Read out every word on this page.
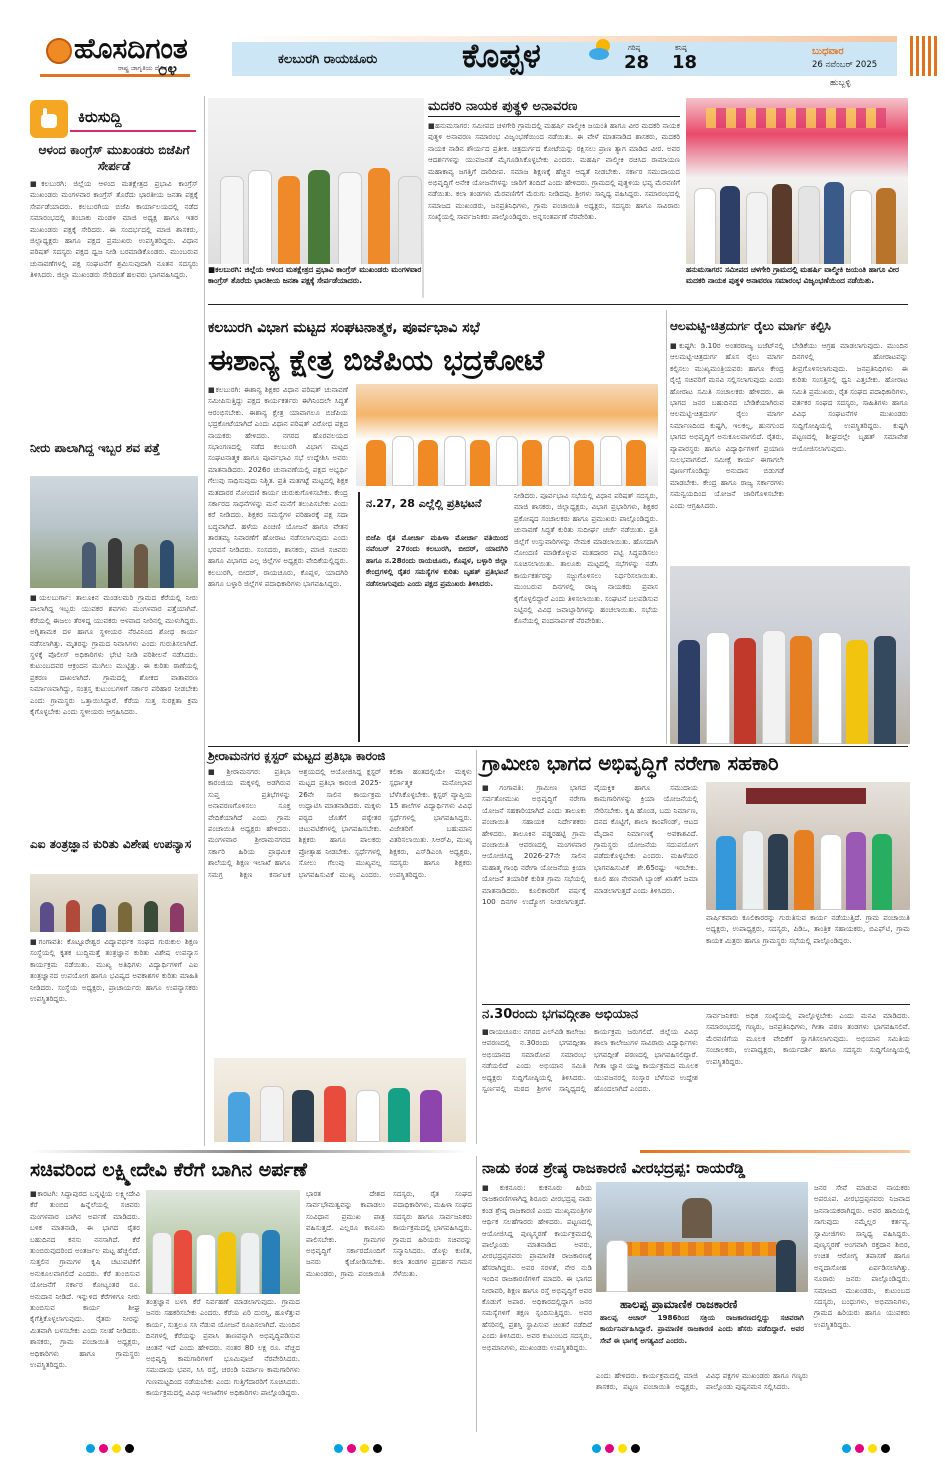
ಹೊಸದಿಗಂತ
ರಾಷ್ಟ್ರ ಜಾಗೃತಿಯ ದೈನಿಕ
೦೪
ಕಲಬುರಗಿ ರಾಯಚೂರು	ಕೊಪ್ಪಳ	ಗರಿಷ್ಠ
28
ಕನಿಷ್ಠ
18
ಬುಧವಾರ
26 ನವೆಂಬರ್ 2025
ಹುಬ್ಬಳ್ಳಿ
ಕಿರುಸುದ್ದಿ
ಆಳಂದ ಕಾಂಗ್ರೆಸ್ ಮುಖಂಡರು ಬಿಜೆಪಿಗೆ ಸೇರ್ಪಡೆ
■ಕಲಬುರಗಿ: ಜಿಲ್ಲೆಯ ಆಳಂದ ಮತಕ್ಷೇತ್ರದ ಪ್ರಭಾವಿ ಕಾಂಗ್ರೆಸ್ ಮುಖಂಡರು ಮಂಗಳವಾರ ಕಾಂಗ್ರೆಸ್ ತೊರೆದು ಭಾರತೀಯ ಜನತಾ ಪಕ್ಷಕ್ಕೆ ಸೇರ್ಪಡೆಯಾದರು. ಕಲಬುರಗಿಯ ಬಿಜೆಪಿ ಕಾರ್ಯಾಲಯದಲ್ಲಿ ನಡೆದ ಸಮಾರಂಭದಲ್ಲಿ ತಂಬಾಕು ಮಂಡಳಿ ಮಾಜಿ ಅಧ್ಯಕ್ಷ ಹಾಗೂ ಇತರ ಮುಖಂಡರು ಪಕ್ಷಕ್ಕೆ ಸೇರಿದರು. ಈ ಸಂದರ್ಭದಲ್ಲಿ ಮಾಜಿ ಶಾಸಕರು, ಜಿಲ್ಲಾಧ್ಯಕ್ಷರು ಹಾಗೂ ಪಕ್ಷದ ಪ್ರಮುಖರು ಉಪಸ್ಥಿತರಿದ್ದರು. ವಿಧಾನ ಪರಿಷತ್ ಸದಸ್ಯರು ಪಕ್ಷದ ಧ್ವಜ ನೀಡಿ ಬರಮಾಡಿಕೊಂಡರು. ಮುಂಬರುವ ಚುನಾವಣೆಗಳಲ್ಲಿ ಪಕ್ಷ ಸಂಘಟನೆಗೆ ಶ್ರಮಿಸುವುದಾಗಿ ನೂತನ ಸದಸ್ಯರು ತಿಳಿಸಿದರು. ಜಿಲ್ಲಾ ಮುಖಂಡರು ಸೇರಿದಂತೆ ಹಲವರು ಭಾಗವಹಿಸಿದ್ದರು.
ನೀರು ಪಾಲಾಗಿದ್ದ ಇಬ್ಬರ ಶವ ಪತ್ತೆ
■ಯಲಬುರ್ಗಾ: ತಾಲೂಕಿನ ಮಂಡಲಮರಿ ಗ್ರಾಮದ ಕೆರೆಯಲ್ಲಿ ನೀರು ಪಾಲಾಗಿದ್ದ ಇಬ್ಬರು ಯುವಕರ ಶವಗಳು ಮಂಗಳವಾರ ಪತ್ತೆಯಾಗಿವೆ. ಕೆರೆಯಲ್ಲಿ ಈಜಲು ತೆರಳಿದ್ದ ಯುವಕರು ಆಳವಾದ ನೀರಿನಲ್ಲಿ ಮುಳುಗಿದ್ದರು. ಅಗ್ನಿಶಾಮಕ ದಳ ಹಾಗೂ ಸ್ಥಳೀಯರ ನೆರವಿನಿಂದ ಶೋಧ ಕಾರ್ಯ ನಡೆಸಲಾಗಿತ್ತು. ಮೃತರನ್ನು ಗ್ರಾಮದ ನಿವಾಸಿಗಳು ಎಂದು ಗುರುತಿಸಲಾಗಿದೆ. ಸ್ಥಳಕ್ಕೆ ಪೊಲೀಸ್ ಅಧಿಕಾರಿಗಳು ಭೇಟಿ ನೀಡಿ ಪರಿಶೀಲನೆ ನಡೆಸಿದರು. ಕುಟುಂಬದವರ ಆಕ್ರಂದನ ಮುಗಿಲು ಮುಟ್ಟಿತ್ತು. ಈ ಕುರಿತು ಠಾಣೆಯಲ್ಲಿ ಪ್ರಕರಣ ದಾಖಲಾಗಿದೆ. ಗ್ರಾಮದಲ್ಲಿ ಶೋಕದ ವಾತಾವರಣ ನಿರ್ಮಾಣವಾಗಿದ್ದು, ಸಂತ್ರಸ್ತ ಕುಟುಂಬಗಳಿಗೆ ಸರ್ಕಾರ ಪರಿಹಾರ ನೀಡಬೇಕು ಎಂದು ಗ್ರಾಮಸ್ಥರು ಒತ್ತಾಯಿಸಿದ್ದಾರೆ. ಕೆರೆಯ ಸುತ್ತ ಸುರಕ್ಷತಾ ಕ್ರಮ ಕೈಗೊಳ್ಳಬೇಕು ಎಂದು ಸ್ಥಳೀಯರು ಆಗ್ರಹಿಸಿದರು.
ಎಐ ತಂತ್ರಜ್ಞಾನ ಕುರಿತು ವಿಶೇಷ ಉಪನ್ಯಾಸ
■ಗಂಗಾವತಿ: ಕೊಟ್ಟೂರೇಶ್ವರ ವಿದ್ಯಾವರ್ಧಕ ಸಂಘದ ಗುರುಕುಲ ಶಿಕ್ಷಣ ಸಂಸ್ಥೆಯಲ್ಲಿ ಕೃತಕ ಬುದ್ಧಿಮತ್ತೆ ತಂತ್ರಜ್ಞಾನ ಕುರಿತು ವಿಶೇಷ ಉಪನ್ಯಾಸ ಕಾರ್ಯಕ್ರಮ ನಡೆಯಿತು. ಮುಖ್ಯ ಅತಿಥಿಗಳು ವಿದ್ಯಾರ್ಥಿಗಳಿಗೆ ಎಐ ತಂತ್ರಜ್ಞಾನದ ಉಪಯೋಗ ಹಾಗೂ ಭವಿಷ್ಯದ ಅವಕಾಶಗಳ ಕುರಿತು ಮಾಹಿತಿ ನೀಡಿದರು. ಸಂಸ್ಥೆಯ ಅಧ್ಯಕ್ಷರು, ಪ್ರಾಚಾರ್ಯರು ಹಾಗೂ ಉಪನ್ಯಾಸಕರು ಉಪಸ್ಥಿತರಿದ್ದರು.
■ಕಲಬುರಗಿ: ಜಿಲ್ಲೆಯ ಆಳಂದ ಮತಕ್ಷೇತ್ರದ ಪ್ರಭಾವಿ ಕಾಂಗ್ರೆಸ್ ಮುಖಂಡರು ಮಂಗಳವಾರ ಕಾಂಗ್ರೆಸ್ ತೊರೆದು ಭಾರತೀಯ ಜನತಾ ಪಕ್ಷಕ್ಕೆ ಸೇರ್ಪಡೆಯಾದರು.
ಮದಕರಿ ನಾಯಕ ಪುತ್ಥಳಿ ಅನಾವರಣ
■ಹನುಮಸಾಗರ: ಸಮೀಪದ ಚಳಗೇರಿ ಗ್ರಾಮದಲ್ಲಿ ಮಹರ್ಷಿ ವಾಲ್ಮೀಕಿ ಜಯಂತಿ ಹಾಗೂ ವೀರ ಮದಕರಿ ನಾಯಕ ಪುತ್ಥಳಿ ಅನಾವರಣ ಸಮಾರಂಭ ವಿಜೃಂಭಣೆಯಿಂದ ನಡೆಯಿತು. ಈ ವೇಳೆ ಮಾತನಾಡಿದ ಶಾಸಕರು, ಮದಕರಿ ನಾಯಕ ನಾಡಿನ ಶೌರ್ಯದ ಪ್ರತೀಕ. ಚಿತ್ರದುರ್ಗದ ಕೋಟೆಯನ್ನು ರಕ್ಷಿಸಲು ಪ್ರಾಣ ತ್ಯಾಗ ಮಾಡಿದ ವೀರ. ಅವರ ಆದರ್ಶಗಳನ್ನು ಯುವಜನತೆ ಮೈಗೂಡಿಸಿಕೊಳ್ಳಬೇಕು ಎಂದರು. ಮಹರ್ಷಿ ವಾಲ್ಮೀಕಿ ರಚಿಸಿದ ರಾಮಾಯಣ ಮಹಾಕಾವ್ಯ ಜಗತ್ತಿಗೆ ದಾರಿದೀಪ. ಸಮಾಜ ಶಿಕ್ಷಣಕ್ಕೆ ಹೆಚ್ಚಿನ ಆದ್ಯತೆ ನೀಡಬೇಕು. ಸರ್ಕಾರ ಸಮುದಾಯದ ಅಭಿವೃದ್ಧಿಗೆ ಅನೇಕ ಯೋಜನೆಗಳನ್ನು ಜಾರಿಗೆ ತಂದಿದೆ ಎಂದು ಹೇಳಿದರು. ಗ್ರಾಮದಲ್ಲಿ ಪುತ್ಥಳಿಯ ಭವ್ಯ ಮೆರವಣಿಗೆ ನಡೆಯಿತು. ಕಲಾ ತಂಡಗಳು ಮೆರವಣಿಗೆಗೆ ಮೆರುಗು ನೀಡಿದವು. ಶ್ರೀಗಳು ಸಾನ್ನಿಧ್ಯ ವಹಿಸಿದ್ದರು. ಸಮಾರಂಭದಲ್ಲಿ ಸಮಾಜದ ಮುಖಂಡರು, ಜನಪ್ರತಿನಿಧಿಗಳು, ಗ್ರಾಮ ಪಂಚಾಯಿತಿ ಅಧ್ಯಕ್ಷರು, ಸದಸ್ಯರು ಹಾಗೂ ಸಾವಿರಾರು ಸಂಖ್ಯೆಯಲ್ಲಿ ಸಾರ್ವಜನಿಕರು ಪಾಲ್ಗೊಂಡಿದ್ದರು. ಅನ್ನಸಂತರ್ಪಣೆ ನೆರವೇರಿತು.
ಹನುಮಸಾಗರ: ಸಮೀಪದ ಚಳಗೇರಿ ಗ್ರಾಮದಲ್ಲಿ ಮಹರ್ಷಿ ವಾಲ್ಮೀಕಿ ಜಯಂತಿ ಹಾಗೂ ವೀರ ಮದಕರಿ ನಾಯಕ ಪುತ್ಥಳಿ ಅನಾವರಣ ಸಮಾರಂಭ ವಿಜೃಂಭಣೆಯಿಂದ ನಡೆಯಿತು.
ಕಲಬುರಗಿ ವಿಭಾಗ ಮಟ್ಟದ ಸಂಘಟನಾತ್ಮಕ, ಪೂರ್ವಭಾವಿ ಸಭೆ
ಈಶಾನ್ಯ ಕ್ಷೇತ್ರ ಬಿಜೆಪಿಯ ಭದ್ರಕೋಟೆ
■ಕಲಬುರಗಿ: ಈಶಾನ್ಯ ಶಿಕ್ಷಕರ ವಿಧಾನ ಪರಿಷತ್ ಚುನಾವಣೆ ಸಮೀಪಿಸುತ್ತಿದ್ದು ಪಕ್ಷದ ಕಾರ್ಯಕರ್ತರು ಈಗಿನಿಂದಲೇ ಸಿದ್ಧತೆ ಆರಂಭಿಸಬೇಕು. ಈಶಾನ್ಯ ಕ್ಷೇತ್ರ ಯಾವಾಗಲೂ ಬಿಜೆಪಿಯ ಭದ್ರಕೋಟೆಯಾಗಿದೆ ಎಂದು ವಿಧಾನ ಪರಿಷತ್ ವಿರೋಧ ಪಕ್ಷದ ನಾಯಕರು ಹೇಳಿದರು. ನಗರದ ಹೊರವಲಯದ ಸಭಾಂಗಣದಲ್ಲಿ ನಡೆದ ಕಲಬುರಗಿ ವಿಭಾಗ ಮಟ್ಟದ ಸಂಘಟನಾತ್ಮಕ ಹಾಗೂ ಪೂರ್ವಭಾವಿ ಸಭೆ ಉದ್ದೇಶಿಸಿ ಅವರು ಮಾತನಾಡಿದರು. 2026ರ ಚುನಾವಣೆಯಲ್ಲಿ ಪಕ್ಷದ ಅಭ್ಯರ್ಥಿ ಗೆಲುವು ಸಾಧಿಸುವುದು ನಿಶ್ಚಿತ. ಪ್ರತಿ ಮತಗಟ್ಟೆ ಮಟ್ಟದಲ್ಲಿ ಶಿಕ್ಷಕ ಮತದಾರರ ನೋಂದಣಿ ಕಾರ್ಯ ಚುರುಕುಗೊಳಿಸಬೇಕು. ಕೇಂದ್ರ ಸರ್ಕಾರದ ಸಾಧನೆಗಳನ್ನು ಮನೆ ಮನೆಗೆ ತಲುಪಿಸಬೇಕು ಎಂದು ಕರೆ ನೀಡಿದರು. ಶಿಕ್ಷಕರ ಸಮಸ್ಯೆಗಳ ಪರಿಹಾರಕ್ಕೆ ಪಕ್ಷ ಸದಾ ಬದ್ಧವಾಗಿದೆ. ಹಳೆಯ ಪಿಂಚಣಿ ಯೋಜನೆ ಹಾಗೂ ವೇತನ ತಾರತಮ್ಯ ನಿವಾರಣೆಗೆ ಹೋರಾಟ ನಡೆಸಲಾಗುವುದು ಎಂದು ಭರವಸೆ ನೀಡಿದರು. ಸಂಸದರು, ಶಾಸಕರು, ಮಾಜಿ ಸಚಿವರು ಹಾಗೂ ವಿಭಾಗದ ಎಲ್ಲ ಜಿಲ್ಲೆಗಳ ಅಧ್ಯಕ್ಷರು ವೇದಿಕೆಯಲ್ಲಿದ್ದರು. ಕಲಬುರಗಿ, ಬೀದರ್, ರಾಯಚೂರು, ಕೊಪ್ಪಳ, ಯಾದಗಿರಿ ಹಾಗೂ ಬಳ್ಳಾರಿ ಜಿಲ್ಲೆಗಳ ಪದಾಧಿಕಾರಿಗಳು ಭಾಗವಹಿಸಿದ್ದರು.
ನ.27, 28 ಎಲ್ಲೆಲ್ಲಿ ಪ್ರತಿಭಟನೆ
ಬಿಜೆಪಿ ರೈತ ಮೋರ್ಚಾ ಮಹಿಳಾ ಮೋರ್ಚಾ ವತಿಯಿಂದ ನವೆಂಬರ್ 27ರಂದು ಕಲಬುರಗಿ, ಬೀದರ್, ಯಾದಗಿರಿ ಹಾಗೂ ನ.28ರಂದು ರಾಯಚೂರು, ಕೊಪ್ಪಳ, ಬಳ್ಳಾರಿ ಜಿಲ್ಲಾ ಕೇಂದ್ರಗಳಲ್ಲಿ ರೈತರ ಸಮಸ್ಯೆಗಳ ಕುರಿತು ಬೃಹತ್ ಪ್ರತಿಭಟನೆ ನಡೆಸಲಾಗುವುದು ಎಂದು ಪಕ್ಷದ ಪ್ರಮುಖರು ತಿಳಿಸಿದರು.
ನೀಡಿದರು. ಪೂರ್ವಭಾವಿ ಸಭೆಯಲ್ಲಿ ವಿಧಾನ ಪರಿಷತ್ ಸದಸ್ಯರು, ಮಾಜಿ ಶಾಸಕರು, ಜಿಲ್ಲಾಧ್ಯಕ್ಷರು, ವಿಭಾಗ ಪ್ರಭಾರಿಗಳು, ಶಿಕ್ಷಕರ ಪ್ರಕೋಷ್ಠದ ಸಂಚಾಲಕರು ಹಾಗೂ ಪ್ರಮುಖರು ಪಾಲ್ಗೊಂಡಿದ್ದರು. ಚುನಾವಣೆ ಸಿದ್ಧತೆ ಕುರಿತು ಸುದೀರ್ಘ ಚರ್ಚೆ ನಡೆಯಿತು. ಪ್ರತಿ ಜಿಲ್ಲೆಗೆ ಉಸ್ತುವಾರಿಗಳನ್ನು ನೇಮಕ ಮಾಡಲಾಯಿತು. ಹೊಸದಾಗಿ ನೋಂದಣಿ ಮಾಡಿಕೊಳ್ಳುವ ಮತದಾರರ ಪಟ್ಟಿ ಸಿದ್ಧಪಡಿಸಲು ಸೂಚಿಸಲಾಯಿತು. ತಾಲೂಕು ಮಟ್ಟದಲ್ಲಿ ಸಭೆಗಳನ್ನು ನಡೆಸಿ ಕಾರ್ಯಕರ್ತರನ್ನು ಸಜ್ಜುಗೊಳಿಸಲು ನಿರ್ಧರಿಸಲಾಯಿತು. ಮುಂಬರುವ ದಿನಗಳಲ್ಲಿ ರಾಜ್ಯ ನಾಯಕರು ಪ್ರವಾಸ ಕೈಗೊಳ್ಳಲಿದ್ದಾರೆ ಎಂದು ತಿಳಿಸಲಾಯಿತು. ಸಂಘಟನೆ ಬಲಪಡಿಸುವ ನಿಟ್ಟಿನಲ್ಲಿ ವಿವಿಧ ಜವಾಬ್ದಾರಿಗಳನ್ನು ಹಂಚಲಾಯಿತು. ಸಭೆಯ ಕೊನೆಯಲ್ಲಿ ವಂದನಾರ್ಪಣೆ ನೆರವೇರಿತು.
ಆಲಮಟ್ಟಿ-ಚಿತ್ರದುರ್ಗ ರೈಲು ಮಾರ್ಗ ಕಲ್ಪಿಸಿ
■ಕುಷ್ಟಗಿ: ಡಿ.10ರ ಅಂತರರಾಜ್ಯ ಬಜೆಟ್‌ನಲ್ಲಿ ಆಲಮಟ್ಟಿ-ಚಿತ್ರದುರ್ಗ ಹೊಸ ರೈಲು ಮಾರ್ಗ ಕಲ್ಪಿಸಲು ಮುಖ್ಯಮಂತ್ರಿಯವರು ಹಾಗೂ ಕೇಂದ್ರ ರೈಲ್ವೆ ಸಚಿವರಿಗೆ ಮನವಿ ಸಲ್ಲಿಸಲಾಗುವುದು ಎಂದು ಹೋರಾಟ ಸಮಿತಿ ಸಂಚಾಲಕರು ಹೇಳಿದರು. ಈ ಭಾಗದ ಜನರ ಬಹುದಿನದ ಬೇಡಿಕೆಯಾಗಿರುವ ಆಲಮಟ್ಟಿ-ಚಿತ್ರದುರ್ಗ ರೈಲು ಮಾರ್ಗ ನಿರ್ಮಾಣದಿಂದ ಕುಷ್ಟಗಿ, ಇಲಕಲ್ಲ, ಹುನಗುಂದ ಭಾಗದ ಅಭಿವೃದ್ಧಿಗೆ ಅನುಕೂಲವಾಗಲಿದೆ. ರೈತರು, ವ್ಯಾಪಾರಸ್ಥರು ಹಾಗೂ ವಿದ್ಯಾರ್ಥಿಗಳಿಗೆ ಪ್ರಯಾಣ ಸುಲಭವಾಗಲಿದೆ. ಸಮೀಕ್ಷೆ ಕಾರ್ಯ ಈಗಾಗಲೇ ಪೂರ್ಣಗೊಂಡಿದ್ದು ಅನುದಾನ ಬಿಡುಗಡೆ ಮಾಡಬೇಕು. ಕೇಂದ್ರ ಹಾಗೂ ರಾಜ್ಯ ಸರ್ಕಾರಗಳು ಸಮನ್ವಯದಿಂದ ಯೋಜನೆ ಜಾರಿಗೊಳಿಸಬೇಕು ಎಂದು ಆಗ್ರಹಿಸಿದರು.
ಬೇಡಿಕೆಯು ಆಗ್ರಹ ಮಾಡಲಾಗುವುದು. ಮುಂದಿನ ದಿನಗಳಲ್ಲಿ ಹೋರಾಟವನ್ನು ತೀವ್ರಗೊಳಿಸಲಾಗುವುದು. ಜನಪ್ರತಿನಿಧಿಗಳು ಈ ಕುರಿತು ಸಂಸತ್ತಿನಲ್ಲಿ ಧ್ವನಿ ಎತ್ತಬೇಕು. ಹೋರಾಟ ಸಮಿತಿ ಪ್ರಮುಖರು, ರೈತ ಸಂಘದ ಪದಾಧಿಕಾರಿಗಳು, ವರ್ತಕರ ಸಂಘದ ಸದಸ್ಯರು, ಸಾಹಿತಿಗಳು ಹಾಗೂ ವಿವಿಧ ಸಂಘಟನೆಗಳ ಮುಖಂಡರು ಸುದ್ದಿಗೋಷ್ಠಿಯಲ್ಲಿ ಉಪಸ್ಥಿತರಿದ್ದರು. ಕುಷ್ಟಗಿ ಪಟ್ಟಣದಲ್ಲಿ ಶೀಘ್ರದಲ್ಲೇ ಬೃಹತ್ ಸಮಾವೇಶ ಆಯೋಜಿಸಲಾಗುವುದು.
ಶ್ರೀರಾಮನಗರ ಕ್ಲಸ್ಟರ್ ಮಟ್ಟದ ಪ್ರತಿಭಾ ಕಾರಂಜಿ
■ಶ್ರೀರಾಮನಗರ: ಪ್ರತಿಭಾ ಕಾರಂಜಿಯ ಮಕ್ಕಳಲ್ಲಿ ಅಡಗಿರುವ ಸುಪ್ತ ಪ್ರತಿಭೆಗಳನ್ನು ಅನಾವರಣಗೊಳಿಸಲು ಸೂಕ್ತ ವೇದಿಕೆಯಾಗಿದೆ ಎಂದು ಗ್ರಾಮ ಪಂಚಾಯಿತಿ ಅಧ್ಯಕ್ಷರು ಹೇಳಿದರು. ಮಂಗಳವಾರ ಶ್ರೀರಾಮನಗರದ ಸರ್ಕಾರಿ ಹಿರಿಯ ಪ್ರಾಥಮಿಕ ಶಾಲೆಯಲ್ಲಿ ಶಿಕ್ಷಣ ಇಲಾಖೆ ಹಾಗೂ ಸಮಗ್ರ ಶಿಕ್ಷಣ ಕರ್ನಾಟಕ ಆಶ್ರಯದಲ್ಲಿ ಆಯೋಜಿಸಿದ್ದ ಕ್ಲಸ್ಟರ್ ಮಟ್ಟದ ಪ್ರತಿಭಾ ಕಾರಂಜಿ 2025-26ನೇ ಸಾಲಿನ ಕಾರ್ಯಕ್ರಮ ಉದ್ಘಾಟಿಸಿ ಮಾತನಾಡಿದರು. ಮಕ್ಕಳು ಪಠ್ಯದ ಜೊತೆಗೆ ಪಠ್ಯೇತರ ಚಟುವಟಿಕೆಗಳಲ್ಲಿ ಭಾಗವಹಿಸಬೇಕು. ಶಿಕ್ಷಕರು ಹಾಗೂ ಪಾಲಕರು ಪ್ರೋತ್ಸಾಹ ನೀಡಬೇಕು. ಸ್ಪರ್ಧೆಗಳಲ್ಲಿ ಸೋಲು ಗೆಲುವು ಮುಖ್ಯವಲ್ಲ ಭಾಗವಹಿಸುವಿಕೆ ಮುಖ್ಯ ಎಂದರು. ಕಲಿಕಾ ಹಂತದಲ್ಲಿಯೇ ಮಕ್ಕಳು ಸ್ಪರ್ಧಾತ್ಮಕ ಮನೋಭಾವ ಬೆಳೆಸಿಕೊಳ್ಳಬೇಕು. ಕ್ಲಸ್ಟರ್ ವ್ಯಾಪ್ತಿಯ 15 ಶಾಲೆಗಳ ವಿದ್ಯಾರ್ಥಿಗಳು ವಿವಿಧ ಸ್ಪರ್ಧೆಗಳಲ್ಲಿ ಭಾಗವಹಿಸಿದ್ದರು. ವಿಜೇತರಿಗೆ ಬಹುಮಾನ ವಿತರಿಸಲಾಯಿತು. ಸಿಆರ್‌ಪಿ, ಮುಖ್ಯ ಶಿಕ್ಷಕರು, ಎಸ್‌ಡಿಎಂಸಿ ಅಧ್ಯಕ್ಷರು, ಸದಸ್ಯರು ಹಾಗೂ ಶಿಕ್ಷಕರು ಉಪಸ್ಥಿತರಿದ್ದರು.
ಗ್ರಾಮೀಣ ಭಾಗದ ಅಭಿವೃದ್ಧಿಗೆ ನರೇಗಾ ಸಹಕಾರಿ
■ಗಂಗಾವತಿ: ಗ್ರಾಮೀಣ ಭಾಗದ ಸರ್ವತೋಮುಖ ಅಭಿವೃದ್ಧಿಗೆ ನರೇಗಾ ಯೋಜನೆ ಸಹಕಾರಿಯಾಗಿದೆ ಎಂದು ತಾಲೂಕು ಪಂಚಾಯಿತಿ ಸಹಾಯಕ ನಿರ್ದೇಶಕರು ಹೇಳಿದರು. ತಾಲೂಕಿನ ವಡ್ಡರಹಟ್ಟಿ ಗ್ರಾಮ ಪಂಚಾಯಿತಿ ಆವರಣದಲ್ಲಿ ಮಂಗಳವಾರ ಆಯೋಜಿಸಿದ್ದ 2026-27ನೇ ಸಾಲಿನ ಮಹಾತ್ಮ ಗಾಂಧಿ ನರೇಗಾ ಯೋಜನೆಯ ಕ್ರಿಯಾ ಯೋಜನೆ ತಯಾರಿಕೆ ಕುರಿತ ಗ್ರಾಮ ಸಭೆಯಲ್ಲಿ ಮಾತನಾಡಿದರು. ಕೂಲಿಕಾರರಿಗೆ ವರ್ಷಕ್ಕೆ 100 ದಿನಗಳ ಉದ್ಯೋಗ ನೀಡಲಾಗುತ್ತದೆ. ವೈಯಕ್ತಿಕ ಹಾಗೂ ಸಮುದಾಯ ಕಾಮಗಾರಿಗಳನ್ನು ಕ್ರಿಯಾ ಯೋಜನೆಯಲ್ಲಿ ಸೇರಿಸಬೇಕು. ಕೃಷಿ ಹೊಂಡ, ಬದು ನಿರ್ಮಾಣ, ದನದ ಕೊಟ್ಟಿಗೆ, ಶಾಲಾ ಕಾಂಪೌಂಡ್, ಆಟದ ಮೈದಾನ ನಿರ್ಮಾಣಕ್ಕೆ ಅವಕಾಶವಿದೆ. ಗ್ರಾಮಸ್ಥರು ಯೋಜನೆಯ ಸದುಪಯೋಗ ಪಡೆದುಕೊಳ್ಳಬೇಕು ಎಂದರು. ಮಹಿಳೆಯರ ಭಾಗವಹಿಸುವಿಕೆ ಶೇ.65ರಷ್ಟು ಇರಬೇಕು. ಕೂಲಿ ಹಣ ನೇರವಾಗಿ ಬ್ಯಾಂಕ್ ಖಾತೆಗೆ ಜಮಾ ಮಾಡಲಾಗುತ್ತದೆ ಎಂದು ತಿಳಿಸಿದರು.
ವಾರ್ಷಿಕವಾರು ಕೂಲಿಕಾರರನ್ನು ಗುರುತಿಸುವ ಕಾರ್ಯ ನಡೆಯುತ್ತಿದೆ. ಗ್ರಾಮ ಪಂಚಾಯಿತಿ ಅಧ್ಯಕ್ಷರು, ಉಪಾಧ್ಯಕ್ಷರು, ಸದಸ್ಯರು, ಪಿಡಿಒ, ತಾಂತ್ರಿಕ ಸಹಾಯಕರು, ಬಿಎಫ್‌ಟಿ, ಗ್ರಾಮ ಕಾಯಕ ಮಿತ್ರರು ಹಾಗೂ ಗ್ರಾಮಸ್ಥರು ಸಭೆಯಲ್ಲಿ ಪಾಲ್ಗೊಂಡಿದ್ದರು.
ನ.30ರಂದು ಭಗವದ್ಗೀತಾ ಅಭಿಯಾನ
■ರಾಯಚೂರು: ನಗರದ ಎಲ್‌ವಿಡಿ ಕಾಲೇಜು ಆವರಣದಲ್ಲಿ ನ.30ರಂದು ಭಗವದ್ಗೀತಾ ಅಭಿಯಾನದ ಸಮಾರೋಪ ಸಮಾರಂಭ ನಡೆಯಲಿದೆ ಎಂದು ಅಭಿಯಾನ ಸಮಿತಿ ಅಧ್ಯಕ್ಷರು ಸುದ್ದಿಗೋಷ್ಠಿಯಲ್ಲಿ ತಿಳಿಸಿದರು. ಸ್ವರ್ಣವಲ್ಲಿ ಮಠದ ಶ್ರೀಗಳ ಸಾನ್ನಿಧ್ಯದಲ್ಲಿ ಕಾರ್ಯಕ್ರಮ ಜರುಗಲಿದೆ. ಜಿಲ್ಲೆಯ ವಿವಿಧ ಶಾಲಾ ಕಾಲೇಜುಗಳ ಸಾವಿರಾರು ವಿದ್ಯಾರ್ಥಿಗಳು ಭಗವದ್ಗೀತೆ ಪಠಣದಲ್ಲಿ ಭಾಗವಹಿಸಲಿದ್ದಾರೆ. ಗೀತಾ ಜ್ಞಾನ ಯಜ್ಞ ಕಾರ್ಯಕ್ರಮದ ಮೂಲಕ ಯುವಜನರಲ್ಲಿ ಸಂಸ್ಕಾರ ಬೆಳೆಸುವ ಉದ್ದೇಶ ಹೊಂದಲಾಗಿದೆ ಎಂದರು.
ಸಾರ್ವಜನಿಕರು ಅಧಿಕ ಸಂಖ್ಯೆಯಲ್ಲಿ ಪಾಲ್ಗೊಳ್ಳಬೇಕು ಎಂದು ಮನವಿ ಮಾಡಿದರು. ಸಮಾರಂಭದಲ್ಲಿ ಗಣ್ಯರು, ಜನಪ್ರತಿನಿಧಿಗಳು, ಗೀತಾ ಪಠಣ ತಂಡಗಳು ಭಾಗವಹಿಸಲಿವೆ. ಮೆರವಣಿಗೆಯ ಮೂಲಕ ವೇದಿಕೆಗೆ ಸ್ವಾಗತಿಸಲಾಗುವುದು. ಅಭಿಯಾನ ಸಮಿತಿಯ ಸಂಚಾಲಕರು, ಉಪಾಧ್ಯಕ್ಷರು, ಕಾರ್ಯದರ್ಶಿ ಹಾಗೂ ಸದಸ್ಯರು ಸುದ್ದಿಗೋಷ್ಠಿಯಲ್ಲಿ ಉಪಸ್ಥಿತರಿದ್ದರು.
ಸಚಿವರಿಂದ ಲಕ್ಷ್ಮೀದೇವಿ ಕೆರೆಗೆ ಬಾಗಿನ ಅರ್ಪಣೆ
■ಕಾರಟಗಿ: ಸಿದ್ದಾಪುರದ ಬನ್ನಟ್ಟಿಯ ಲಕ್ಷ್ಮೀದೇವಿ ಕೆರೆ ತುಂಬಿದ ಹಿನ್ನೆಲೆಯಲ್ಲಿ ಸಚಿವರು ಮಂಗಳವಾರ ಬಾಗಿನ ಅರ್ಪಣೆ ಮಾಡಿದರು. ಬಳಿಕ ಮಾತನಾಡಿ, ಈ ಭಾಗದ ರೈತರ ಬಹುದಿನದ ಕನಸು ನನಸಾಗಿದೆ. ಕೆರೆ ತುಂಬಿರುವುದರಿಂದ ಅಂತರ್ಜಲ ಮಟ್ಟ ಹೆಚ್ಚಲಿದೆ. ಸುತ್ತಲಿನ ಗ್ರಾಮಗಳ ಕೃಷಿ ಚಟುವಟಿಕೆಗೆ ಅನುಕೂಲವಾಗಲಿದೆ ಎಂದರು. ಕೆರೆ ತುಂಬಿಸುವ ಯೋಜನೆಗೆ ಸರ್ಕಾರ ಕೋಟ್ಯಂತರ ರೂ. ಅನುದಾನ ನೀಡಿದೆ. ಇನ್ನುಳಿದ ಕೆರೆಗಳಿಗೂ ನೀರು ತುಂಬಿಸುವ ಕಾರ್ಯ ಶೀಘ್ರ ಕೈಗೆತ್ತಿಕೊಳ್ಳಲಾಗುವುದು. ರೈತರು ನೀರನ್ನು ಮಿತವಾಗಿ ಬಳಸಬೇಕು ಎಂದು ಸಲಹೆ ನೀಡಿದರು. ಶಾಸಕರು, ಗ್ರಾಮ ಪಂಚಾಯಿತಿ ಅಧ್ಯಕ್ಷರು, ಅಧಿಕಾರಿಗಳು ಹಾಗೂ ಗ್ರಾಮಸ್ಥರು ಉಪಸ್ಥಿತರಿದ್ದರು.
ತಂತ್ರಜ್ಞಾನ ಬಳಸಿ ಕೆರೆ ನಿರ್ವಹಣೆ ಮಾಡಲಾಗುವುದು. ಗ್ರಾಮದ ಜನರು ಸಹಕರಿಸಬೇಕು ಎಂದರು. ಕೆರೆಯ ಏರಿ ದುರಸ್ತಿ, ಹೂಳೆತ್ತುವ ಕಾರ್ಯ, ಸುತ್ತಲೂ ಸಸಿ ನೆಡುವ ಯೋಜನೆ ರೂಪಿಸಲಾಗಿದೆ. ಮುಂದಿನ ದಿನಗಳಲ್ಲಿ ಕೆರೆಯನ್ನು ಪ್ರವಾಸಿ ತಾಣವನ್ನಾಗಿ ಅಭಿವೃದ್ಧಿಪಡಿಸುವ ಚಿಂತನೆ ಇದೆ ಎಂದು ಹೇಳಿದರು. ನಂತರ 80 ಲಕ್ಷ ರೂ. ವೆಚ್ಚದ ಅಭಿವೃದ್ಧಿ ಕಾಮಗಾರಿಗಳಿಗೆ ಭೂಮಿಪೂಜೆ ನೆರವೇರಿಸಿದರು. ಸಮುದಾಯ ಭವನ, ಸಿಸಿ ರಸ್ತೆ, ಚರಂಡಿ ನಿರ್ಮಾಣ ಕಾಮಗಾರಿಗಳು ಗುಣಮಟ್ಟದಿಂದ ನಡೆಯಬೇಕು ಎಂದು ಗುತ್ತಿಗೆದಾರರಿಗೆ ಸೂಚಿಸಿದರು. ಕಾರ್ಯಕ್ರಮದಲ್ಲಿ ವಿವಿಧ ಇಲಾಖೆಗಳ ಅಧಿಕಾರಿಗಳು ಪಾಲ್ಗೊಂಡಿದ್ದರು.
ಭಾರತ ದೇಶದ ಸಾರ್ವಭೌಮತ್ವವನ್ನು ಕಾಪಾಡಲು ಸಂವಿಧಾನ ಪ್ರಮುಖ ಪಾತ್ರ ವಹಿಸುತ್ತದೆ. ಎಲ್ಲರೂ ಕಾನೂನು ಪಾಲಿಸಬೇಕು. ಗ್ರಾಮಗಳ ಅಭಿವೃದ್ಧಿಗೆ ಸರ್ಕಾರದೊಂದಿಗೆ ಜನರು ಕೈಜೋಡಿಸಬೇಕು. ಮುಖಂಡರು, ಗ್ರಾಮ ಪಂಚಾಯಿತಿ ಸದಸ್ಯರು, ರೈತ ಸಂಘದ ಪದಾಧಿಕಾರಿಗಳು, ಮಹಿಳಾ ಸಂಘದ ಸದಸ್ಯರು ಹಾಗೂ ಸಾರ್ವಜನಿಕರು ಕಾರ್ಯಕ್ರಮದಲ್ಲಿ ಭಾಗವಹಿಸಿದ್ದರು. ಗ್ರಾಮದ ಹಿರಿಯರು ಸಚಿವರನ್ನು ಸನ್ಮಾನಿಸಿದರು. ಡೊಳ್ಳು ಕುಣಿತ, ಕಲಾ ತಂಡಗಳ ಪ್ರದರ್ಶನ ಗಮನ ಸೆಳೆಯಿತು.
ನಾಡು ಕಂಡ ಶ್ರೇಷ್ಠ ರಾಜಕಾರಣಿ ವೀರಭದ್ರಪ್ಪ: ರಾಯರೆಡ್ಡಿ
■ಕುಕನೂರು: ಕುಕನೂರು ಹಿರಿಯ ರಾಜಕಾರಣಿಗಳಾಗಿದ್ದ ಶಿರೂರು ವೀರಭದ್ರಪ್ಪ ನಾಡು ಕಂಡ ಶ್ರೇಷ್ಠ ರಾಜಕಾರಣಿ ಎಂದು ಮುಖ್ಯಮಂತ್ರಿಗಳ ಆರ್ಥಿಕ ಸಲಹೆಗಾರರು ಹೇಳಿದರು. ಪಟ್ಟಣದಲ್ಲಿ ಆಯೋಜಿಸಿದ್ದ ಪುಣ್ಯಸ್ಮರಣೆ ಕಾರ್ಯಕ್ರಮದಲ್ಲಿ ಪಾಲ್ಗೊಂಡು ಮಾತನಾಡಿದ ಅವರು, ವೀರಭದ್ರಪ್ಪನವರು ಪ್ರಾಮಾಣಿಕ ರಾಜಕಾರಣಕ್ಕೆ ಹೆಸರಾಗಿದ್ದರು. ಅವರ ಸರಳತೆ, ನೇರ ನುಡಿ ಇಂದಿನ ರಾಜಕಾರಣಿಗಳಿಗೆ ಮಾದರಿ. ಈ ಭಾಗದ ನೀರಾವರಿ, ಶಿಕ್ಷಣ ಹಾಗೂ ರಸ್ತೆ ಅಭಿವೃದ್ಧಿಗೆ ಅವರ ಕೊಡುಗೆ ಅಪಾರ. ಅಧಿಕಾರದಲ್ಲಿದ್ದಾಗ ಜನರ ಸಮಸ್ಯೆಗಳಿಗೆ ತಕ್ಷಣ ಸ್ಪಂದಿಸುತ್ತಿದ್ದರು. ಅವರ ಹೆಸರಿನಲ್ಲಿ ಪ್ರಶಸ್ತಿ ಸ್ಥಾಪಿಸುವ ಚಿಂತನೆ ನಡೆದಿದೆ ಎಂದು ತಿಳಿಸಿದರು. ಅವರ ಕುಟುಂಬದ ಸದಸ್ಯರು, ಅಭಿಮಾನಿಗಳು, ಮುಖಂಡರು ಉಪಸ್ಥಿತರಿದ್ದರು.
ಹಾಲಪ್ಪ ಪ್ರಾಮಾಣಿಕ ರಾಜಕಾರಣಿ
ಹಾಲಪ್ಪ ಆಚಾರ್ 1986ರಿಂದ ಸಕ್ರಿಯ ರಾಜಕಾರಣದಲ್ಲಿದ್ದು ಸಚಿವರಾಗಿ ಕಾರ್ಯನಿರ್ವಹಿಸಿದ್ದಾರೆ. ಪ್ರಾಮಾಣಿಕ ರಾಜಕಾರಣಿ ಎಂದು ಹೆಸರು ಪಡೆದಿದ್ದಾರೆ. ಅವರ ಸೇವೆ ಈ ಭಾಗಕ್ಕೆ ಅಗತ್ಯವಿದೆ ಎಂದರು.
ಎಂದು ಹೇಳಿದರು. ಕಾರ್ಯಕ್ರಮದಲ್ಲಿ ಮಾಜಿ ಶಾಸಕರು, ಪಟ್ಟಣ ಪಂಚಾಯಿತಿ ಅಧ್ಯಕ್ಷರು, ವಿವಿಧ ಪಕ್ಷಗಳ ಮುಖಂಡರು ಹಾಗೂ ಗಣ್ಯರು ಪಾಲ್ಗೊಂಡು ಪುಷ್ಪನಮನ ಸಲ್ಲಿಸಿದರು.
ಜನರ ಸೇವೆ ಮಾಡುವ ನಾಯಕರು ಅಪರೂಪ. ವೀರಭದ್ರಪ್ಪನವರು ನಿಜವಾದ ಜನನಾಯಕರಾಗಿದ್ದರು. ಅವರ ಹಾದಿಯಲ್ಲಿ ಸಾಗುವುದು ನಮ್ಮೆಲ್ಲರ ಕರ್ತವ್ಯ. ಸ್ವಾಮೀಜಿಗಳು ಸಾನ್ನಿಧ್ಯ ವಹಿಸಿದ್ದರು. ಪುಣ್ಯಸ್ಮರಣೆ ಅಂಗವಾಗಿ ರಕ್ತದಾನ ಶಿಬಿರ, ಉಚಿತ ಆರೋಗ್ಯ ತಪಾಸಣೆ ಹಾಗೂ ಅನ್ನದಾಸೋಹ ಏರ್ಪಡಿಸಲಾಗಿತ್ತು. ನೂರಾರು ಜನರು ಪಾಲ್ಗೊಂಡಿದ್ದರು. ಸಮಾಜದ ಮುಖಂಡರು, ಕುಟುಂಬದ ಸದಸ್ಯರು, ಬಂಧುಗಳು, ಅಭಿಮಾನಿಗಳು, ಗ್ರಾಮದ ಹಿರಿಯರು ಹಾಗೂ ಯುವಕರು ಉಪಸ್ಥಿತರಿದ್ದರು.
